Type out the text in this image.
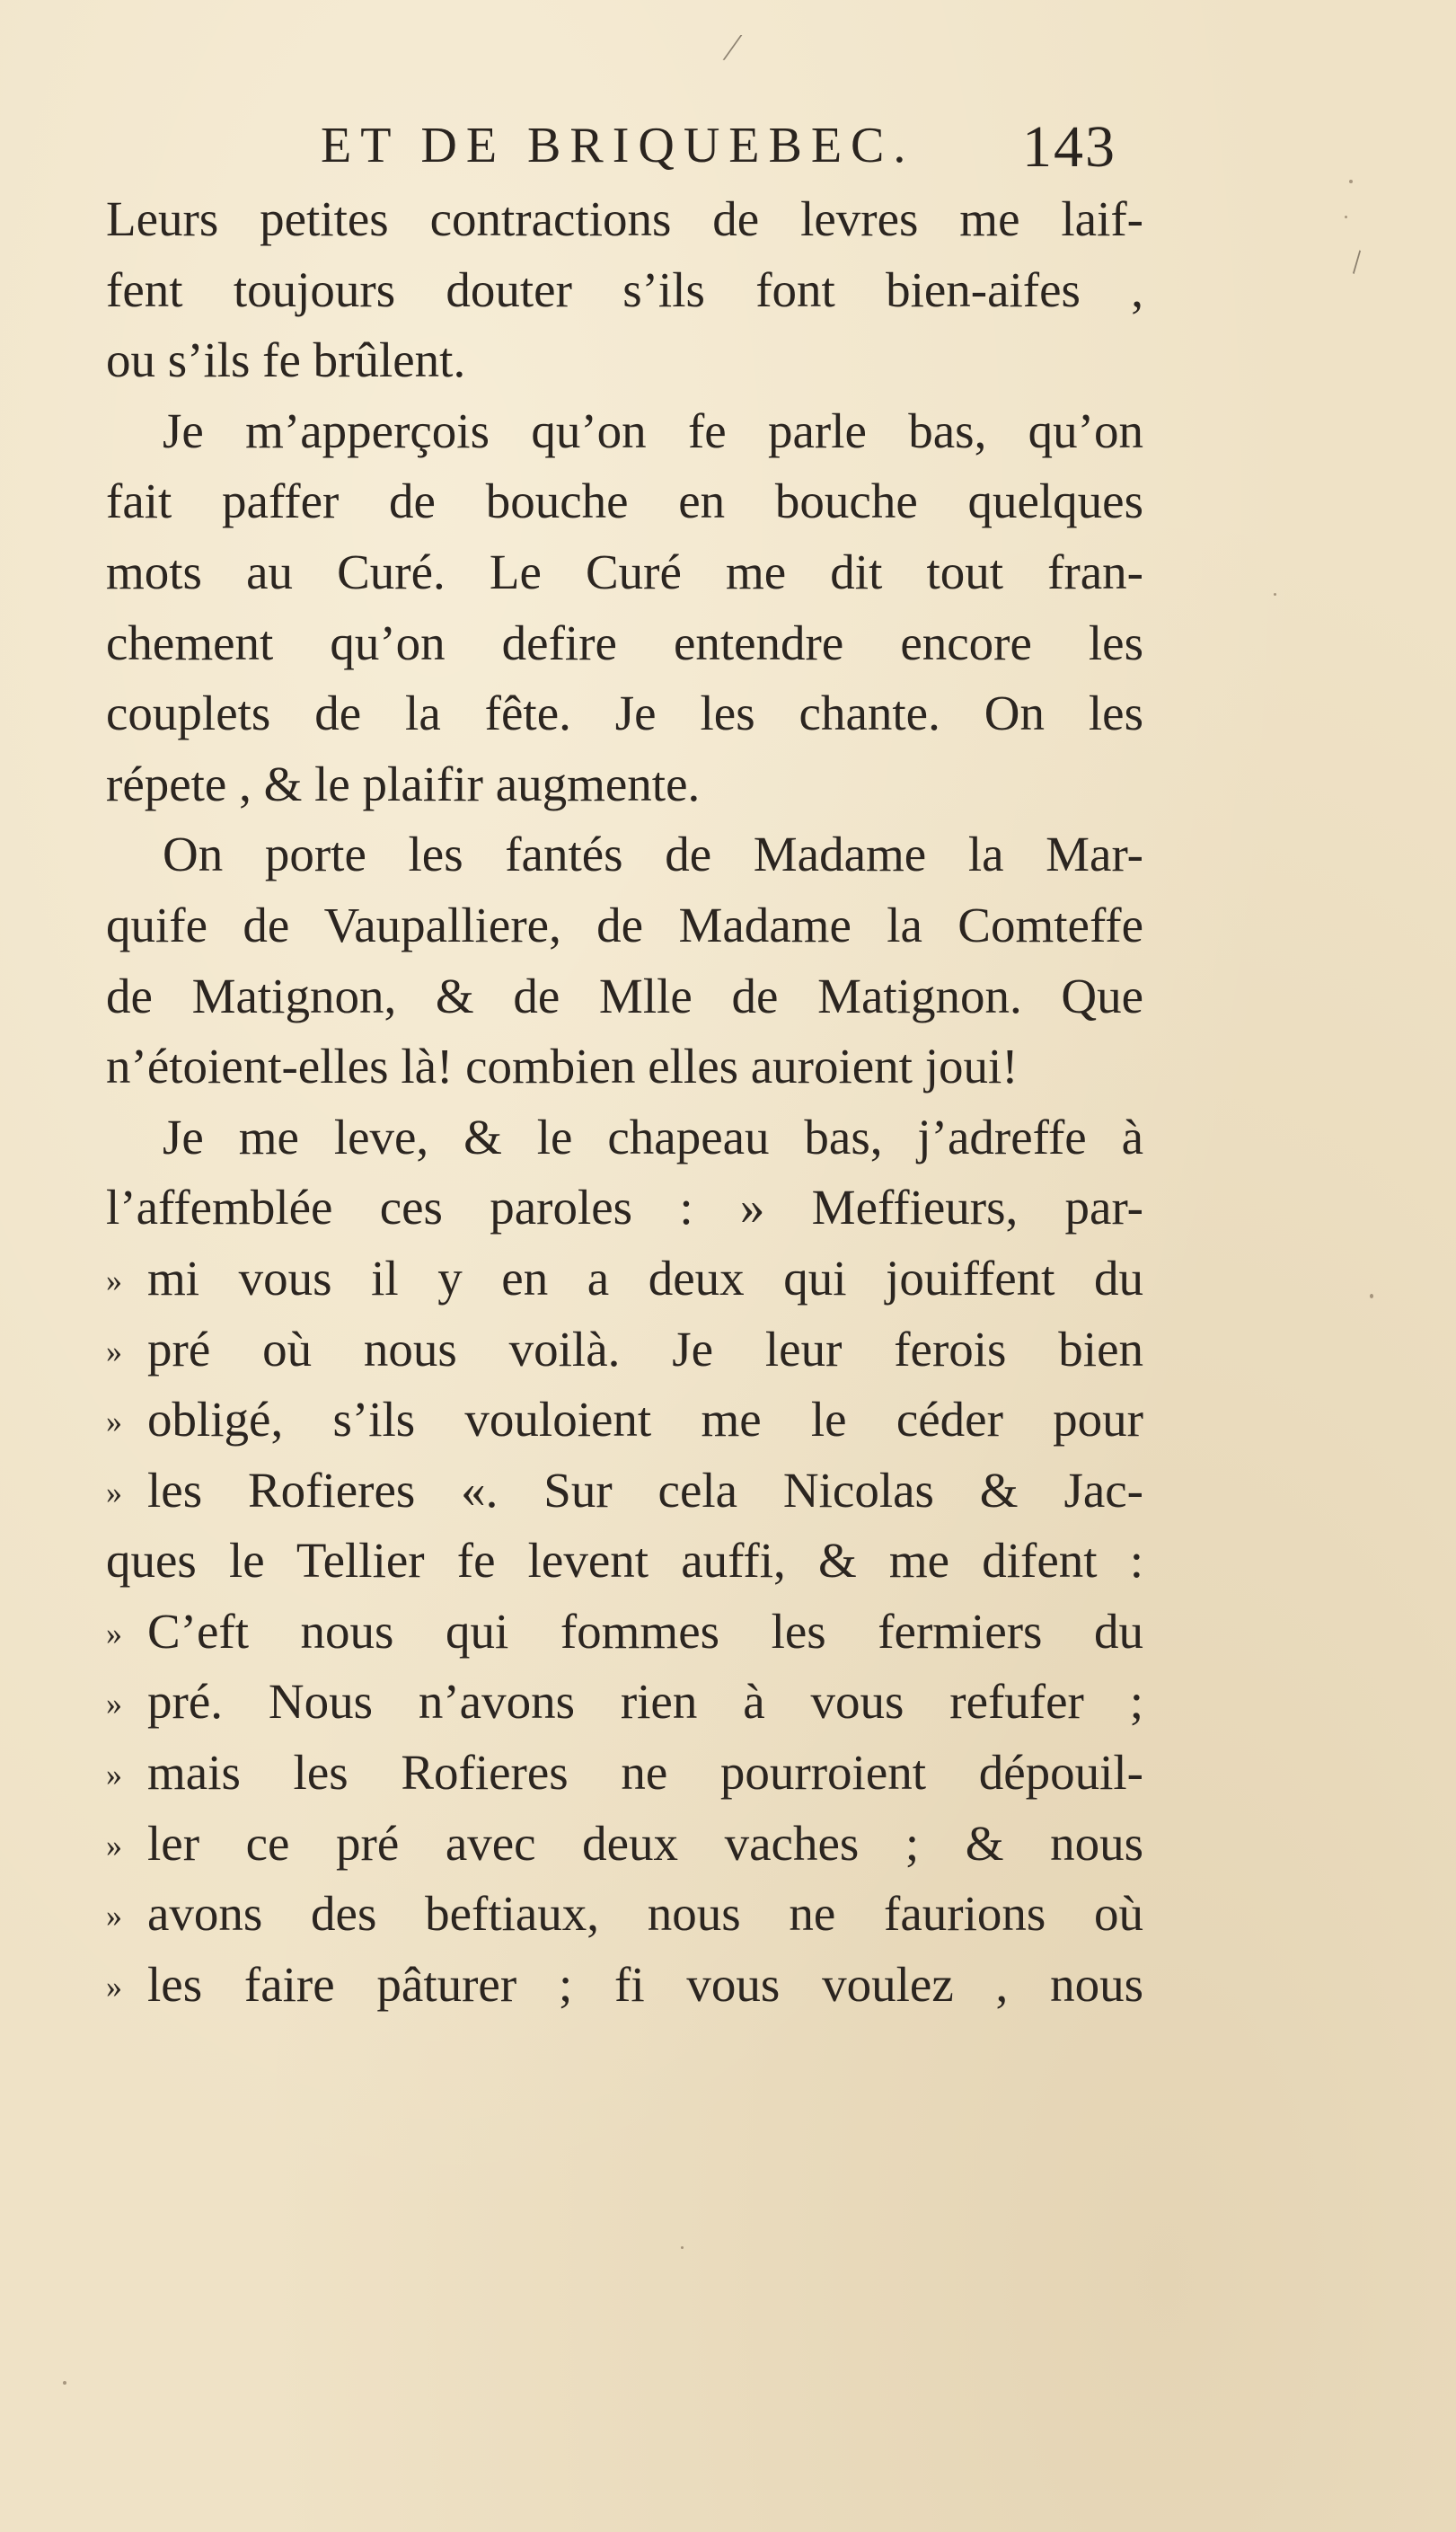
⁄
\
ET DE BRIQUEBEC. 143
Leurs petites contractions de levres me laif-
fent toujours douter s’ils font bien-aifes ,
ou s’ils fe brûlent.
Je m’apperçois qu’on fe parle bas, qu’on
fait paffer de bouche en bouche quelques
mots au Curé. Le Curé me dit tout fran-
chement qu’on defire entendre encore les
couplets de la fête. Je les chante. On les
répete , & le plaifir augmente.
On porte les fantés de Madame la Mar-
quife de Vaupalliere, de Madame la Comteffe
de Matignon, & de Mlle de Matignon. Que
n’étoient-elles là! combien elles auroient joui!
Je me leve, & le chapeau bas, j’adreffe à
l’affemblée ces paroles : » Meffieurs, par-
» mi vous il y en a deux qui jouiffent du
» pré où nous voilà. Je leur ferois bien
» obligé, s’ils vouloient me le céder pour
» les Rofieres «. Sur cela Nicolas & Jac-
ques le Tellier fe levent auffi, & me difent :
» C’eft nous qui fommes les fermiers du
» pré. Nous n’avons rien à vous refufer ;
» mais les Rofieres ne pourroient dépouil-
» ler ce pré avec deux vaches ; & nous
» avons des beftiaux, nous ne faurions où
» les faire pâturer ; fi vous voulez , nous
